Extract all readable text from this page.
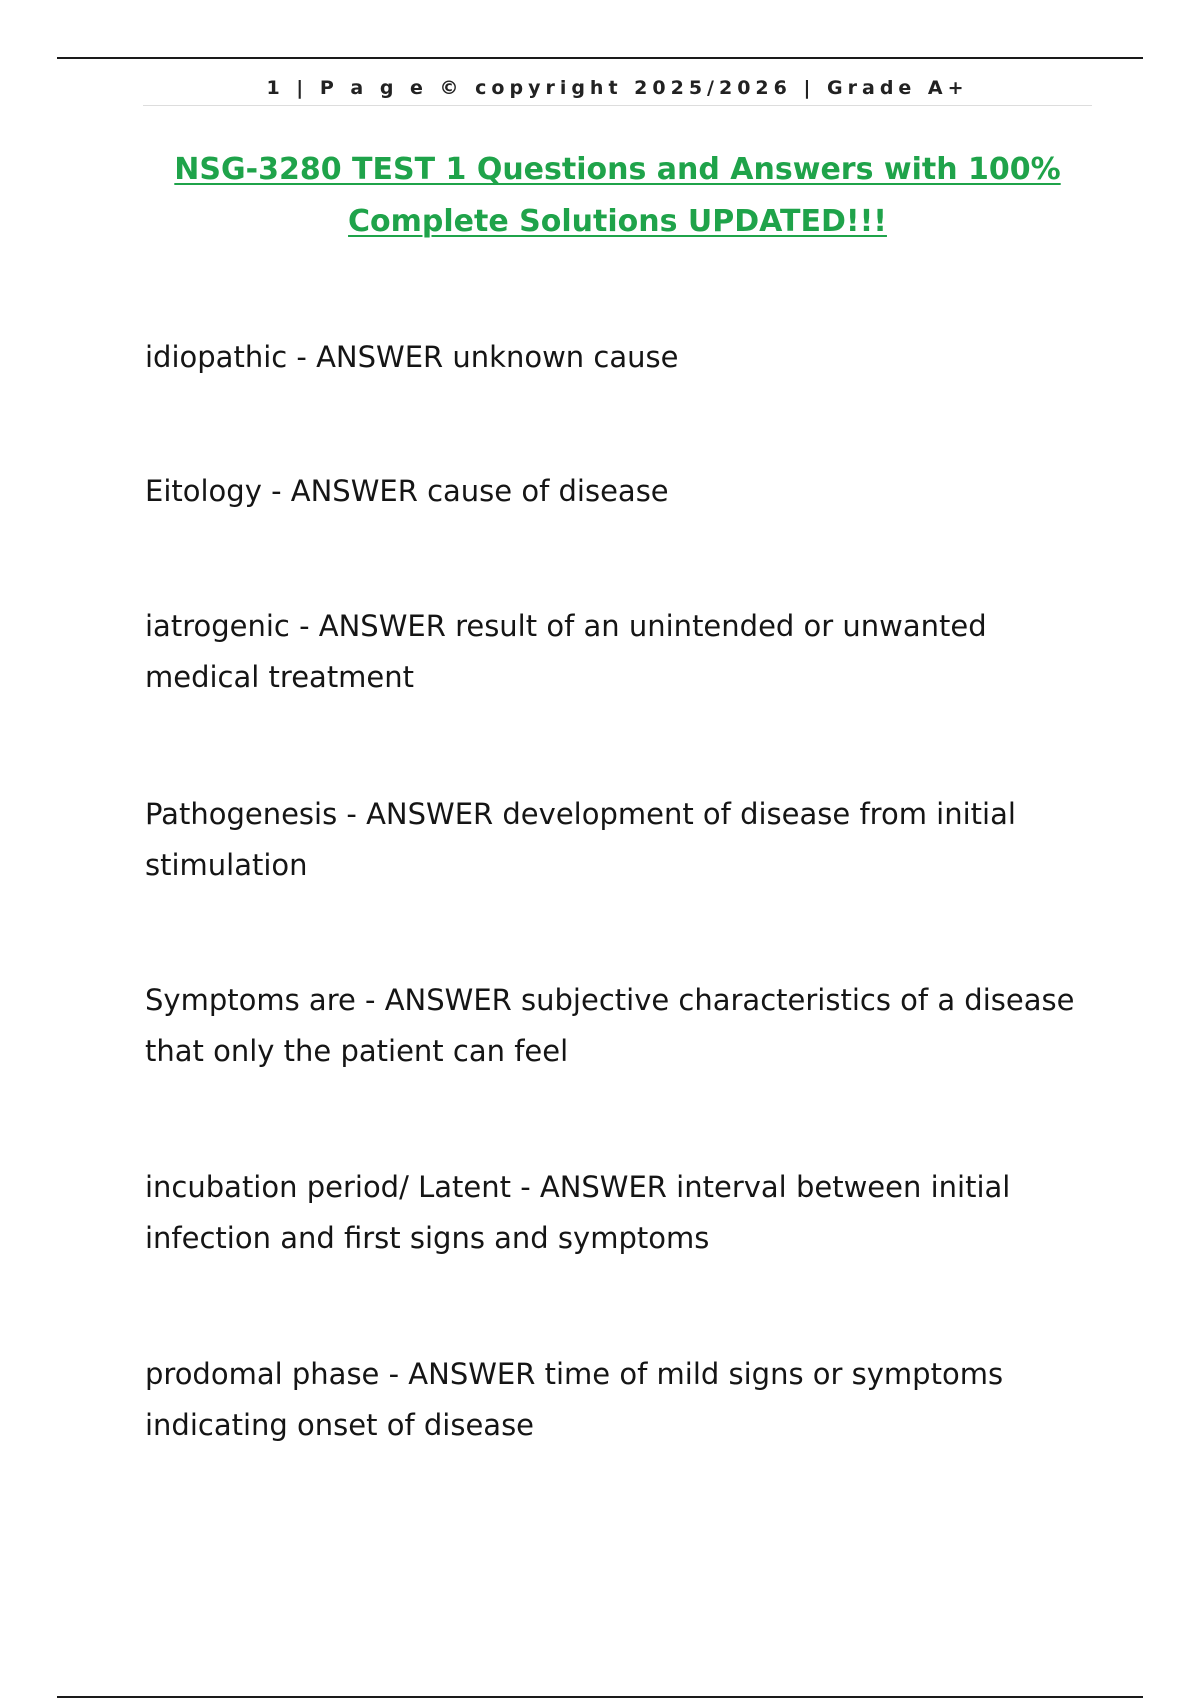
1 | P a g e © copyright 2025/2026 | Grade A+
NSG-3280 TEST 1 Questions and Answers with 100%
Complete Solutions UPDATED!!!
idiopathic - ANSWER unknown cause
Eitology - ANSWER cause of disease
iatrogenic - ANSWER result of an unintended or unwanted medical treatment
Pathogenesis - ANSWER development of disease from initial stimulation
Symptoms are - ANSWER subjective characteristics of a disease that only the patient can feel
incubation period/ Latent - ANSWER interval between initial infection and first signs and symptoms
prodomal phase - ANSWER time of mild signs or symptoms indicating onset of disease
